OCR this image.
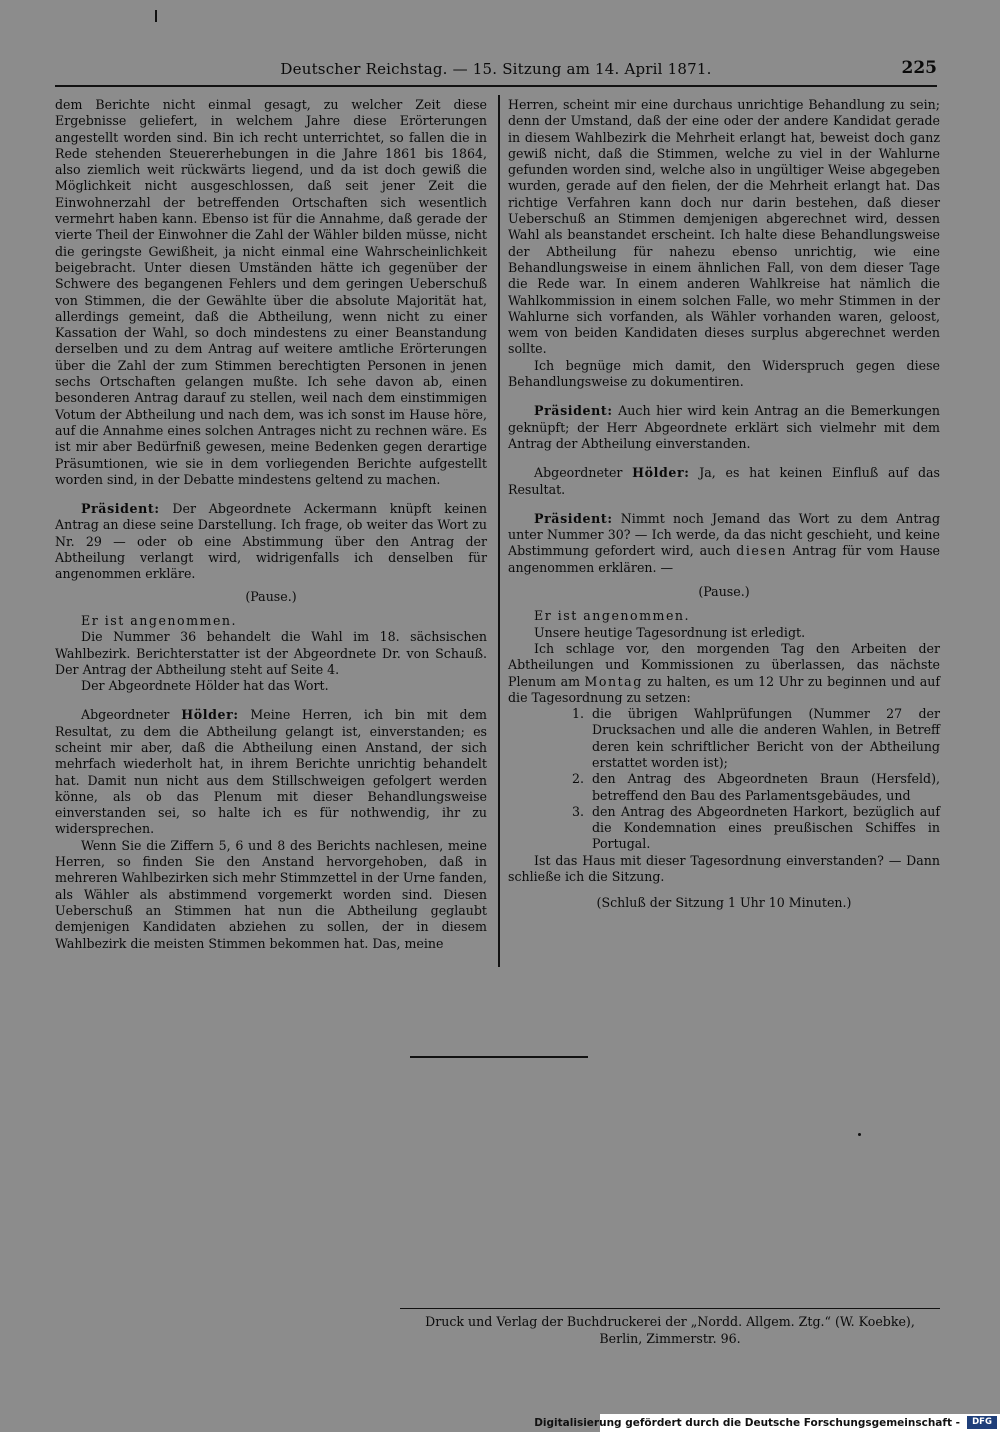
Deutscher Reichstag. — 15. Sitzung am 14. April 1871.	225

dem Berichte nicht einmal gesagt, zu welcher Zeit diese Ergebnisse geliefert, in welchem Jahre diese Erörterungen angestellt worden sind. Bin ich recht unterrichtet, so fallen die in Rede stehenden Steuererhebungen in die Jahre 1861 bis 1864, also ziemlich weit rückwärts liegend, und da ist doch gewiß die Möglichkeit nicht ausgeschlossen, daß seit jener Zeit die Einwohnerzahl der betreffenden Ortschaften sich wesentlich vermehrt haben kann. Ebenso ist für die Annahme, daß gerade der vierte Theil der Einwohner die Zahl der Wähler bilden müsse, nicht die geringste Gewißheit, ja nicht einmal eine Wahrscheinlichkeit beigebracht. Unter diesen Umständen hätte ich gegenüber der Schwere des begangenen Fehlers und dem geringen Ueberschuß von Stimmen, die der Gewählte über die absolute Majorität hat, allerdings gemeint, daß die Abtheilung, wenn nicht zu einer Kassation der Wahl, so doch mindestens zu einer Beanstandung derselben und zu dem Antrag auf weitere amtliche Erörterungen über die Zahl der zum Stimmen berechtigten Personen in jenen sechs Ortschaften gelangen mußte. Ich sehe davon ab, einen besonderen Antrag darauf zu stellen, weil nach dem einstimmigen Votum der Abtheilung und nach dem, was ich sonst im Hause höre, auf die Annahme eines solchen Antrages nicht zu rechnen wäre. Es ist mir aber Bedürfniß gewesen, meine Bedenken gegen derartige Präsumtionen, wie sie in dem vorliegenden Berichte aufgestellt worden sind, in der Debatte mindestens geltend zu machen.

Präsident: Der Abgeordnete Ackermann knüpft keinen Antrag an diese seine Darstellung. Ich frage, ob weiter das Wort zu Nr. 29 — oder ob eine Abstimmung über den Antrag der Abtheilung verlangt wird, widrigenfalls ich denselben für angenommen erkläre.

(Pause.)

Er ist angenommen.

Die Nummer 36 behandelt die Wahl im 18. sächsischen Wahlbezirk. Berichterstatter ist der Abgeordnete Dr. von Schauß. Der Antrag der Abtheilung steht auf Seite 4.

Der Abgeordnete Hölder hat das Wort.

Abgeordneter Hölder: Meine Herren, ich bin mit dem Resultat, zu dem die Abtheilung gelangt ist, einverstanden; es scheint mir aber, daß die Abtheilung einen Anstand, der sich mehrfach wiederholt hat, in ihrem Berichte unrichtig behandelt hat. Damit nun nicht aus dem Stillschweigen gefolgert werden könne, als ob das Plenum mit dieser Behandlungsweise einverstanden sei, so halte ich es für nothwendig, ihr zu widersprechen.

Wenn Sie die Ziffern 5, 6 und 8 des Berichts nachlesen, meine Herren, so finden Sie den Anstand hervorgehoben, daß in mehreren Wahlbezirken sich mehr Stimmzettel in der Urne fanden, als Wähler als abstimmend vorgemerkt worden sind. Diesen Ueberschuß an Stimmen hat nun die Abtheilung geglaubt demjenigen Kandidaten abziehen zu sollen, der in diesem Wahlbezirk die meisten Stimmen bekommen hat. Das, meine

Herren, scheint mir eine durchaus unrichtige Behandlung zu sein; denn der Umstand, daß der eine oder der andere Kandidat gerade in diesem Wahlbezirk die Mehrheit erlangt hat, beweist doch ganz gewiß nicht, daß die Stimmen, welche zu viel in der Wahlurne gefunden worden sind, welche also in ungültiger Weise abgegeben wurden, gerade auf den fielen, der die Mehrheit erlangt hat. Das richtige Verfahren kann doch nur darin bestehen, daß dieser Ueberschuß an Stimmen demjenigen abgerechnet wird, dessen Wahl als beanstandet erscheint. Ich halte diese Behandlungsweise der Abtheilung für nahezu ebenso unrichtig, wie eine Behandlungsweise in einem ähnlichen Fall, von dem dieser Tage die Rede war. In einem anderen Wahlkreise hat nämlich die Wahlkommission in einem solchen Falle, wo mehr Stimmen in der Wahlurne sich vorfanden, als Wähler vorhanden waren, geloost, wem von beiden Kandidaten dieses surplus abgerechnet werden sollte.

Ich begnüge mich damit, den Widerspruch gegen diese Behandlungsweise zu dokumentiren.

Präsident: Auch hier wird kein Antrag an die Bemerkungen geknüpft; der Herr Abgeordnete erklärt sich vielmehr mit dem Antrag der Abtheilung einverstanden.

Abgeordneter Hölder: Ja, es hat keinen Einfluß auf das Resultat.

Präsident: Nimmt noch Jemand das Wort zu dem Antrag unter Nummer 30? — Ich werde, da das nicht geschieht, und keine Abstimmung gefordert wird, auch diesen Antrag für vom Hause angenommen erklären. —

(Pause.)

Er ist angenommen.

Unsere heutige Tagesordnung ist erledigt.

Ich schlage vor, den morgenden Tag den Arbeiten der Abtheilungen und Kommissionen zu überlassen, das nächste Plenum am Montag zu halten, es um 12 Uhr zu beginnen und auf die Tagesordnung zu setzen:

1. die übrigen Wahlprüfungen (Nummer 27 der Drucksachen und alle die anderen Wahlen, in Betreff deren kein schriftlicher Bericht von der Abtheilung erstattet worden ist);
2. den Antrag des Abgeordneten Braun (Hersfeld), betreffend den Bau des Parlamentsgebäudes, und
3. den Antrag des Abgeordneten Harkort, bezüglich auf die Kondemnation eines preußischen Schiffes in Portugal.

Ist das Haus mit dieser Tagesordnung einverstanden? — Dann schließe ich die Sitzung.

(Schluß der Sitzung 1 Uhr 10 Minuten.)

Druck und Verlag der Buchdruckerei der „Nordd. Allgem. Ztg.“ (W. Koebke),
Berlin, Zimmerstr. 96.
Digitalisierung gefördert durch die Deutsche Forschungsgemeinschaft -	DFG
